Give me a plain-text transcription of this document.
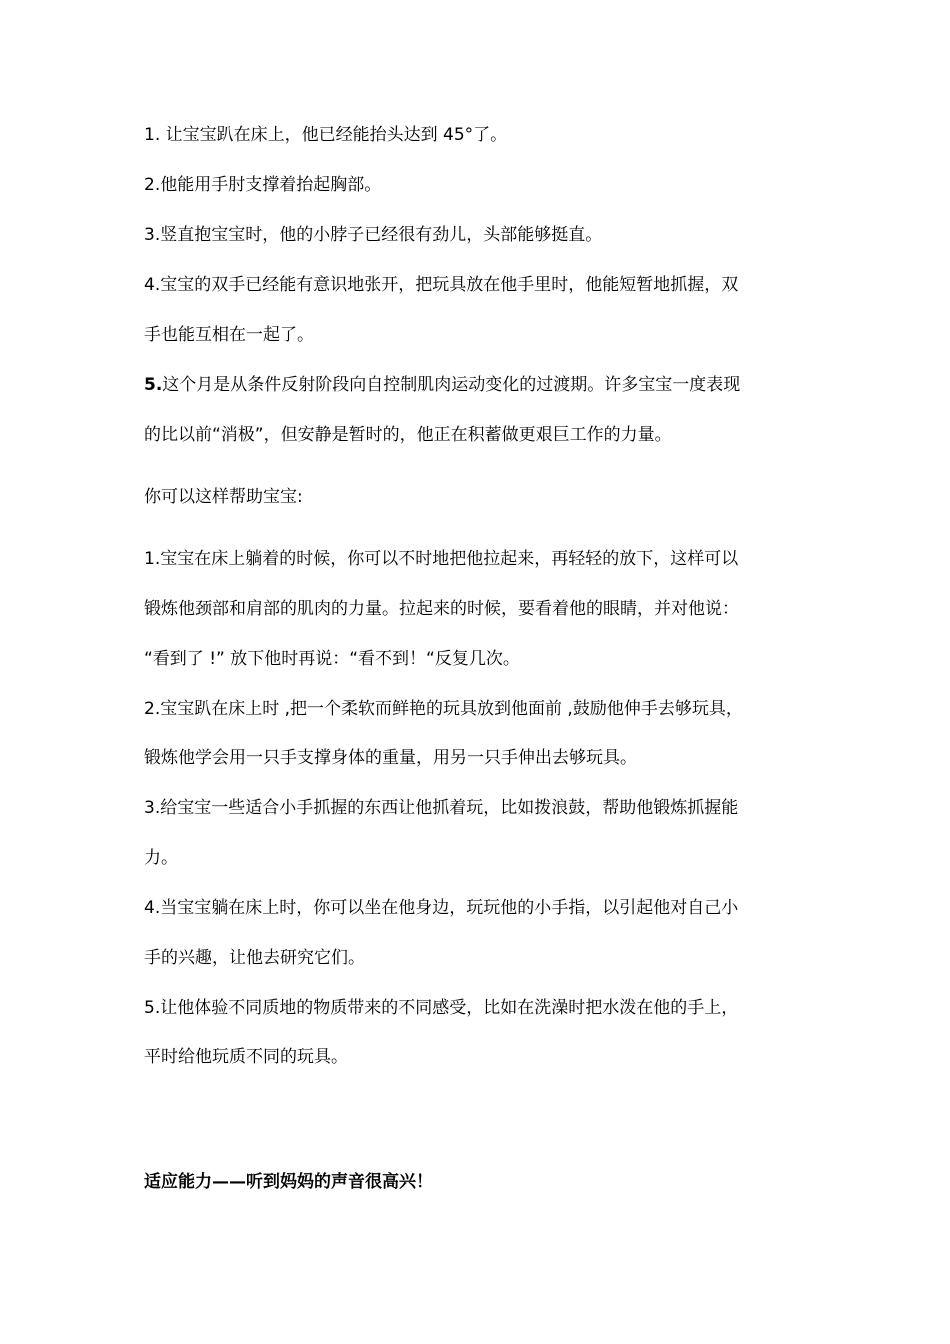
1. 让宝宝趴在床上，他已经能抬头达到 45°了。
2.他能用手肘支撑着抬起胸部。
3.竖直抱宝宝时，他的小脖子已经很有劲儿，头部能够挺直。
4.宝宝的双手已经能有意识地张开，把玩具放在他手里时，他能短暂地抓握，双
手也能互相在一起了。
5.这个月是从条件反射阶段向自控制肌肉运动变化的过渡期。许多宝宝一度表现
的比以前“消极”，但安静是暂时的，他正在积蓄做更艰巨工作的力量。
你可以这样帮助宝宝:
1.宝宝在床上躺着的时候，你可以不时地把他拉起来，再轻轻的放下，这样可以
锻炼他颈部和肩部的肌肉的力量。拉起来的时候，要看着他的眼睛，并对他说：
“看到了 !” 放下他时再说：“看不到！“反复几次。
2.宝宝趴在床上时 ,把一个柔软而鲜艳的玩具放到他面前 ,鼓励他伸手去够玩具，
锻炼他学会用一只手支撑身体的重量，用另一只手伸出去够玩具。
3.给宝宝一些适合小手抓握的东西让他抓着玩，比如拨浪鼓，帮助他锻炼抓握能
力。
4.当宝宝躺在床上时，你可以坐在他身边，玩玩他的小手指，以引起他对自己小
手的兴趣，让他去研究它们。
5.让他体验不同质地的物质带来的不同感受，比如在洗澡时把水泼在他的手上，
平时给他玩质不同的玩具。
适应能力——听到妈妈的声音很高兴！
